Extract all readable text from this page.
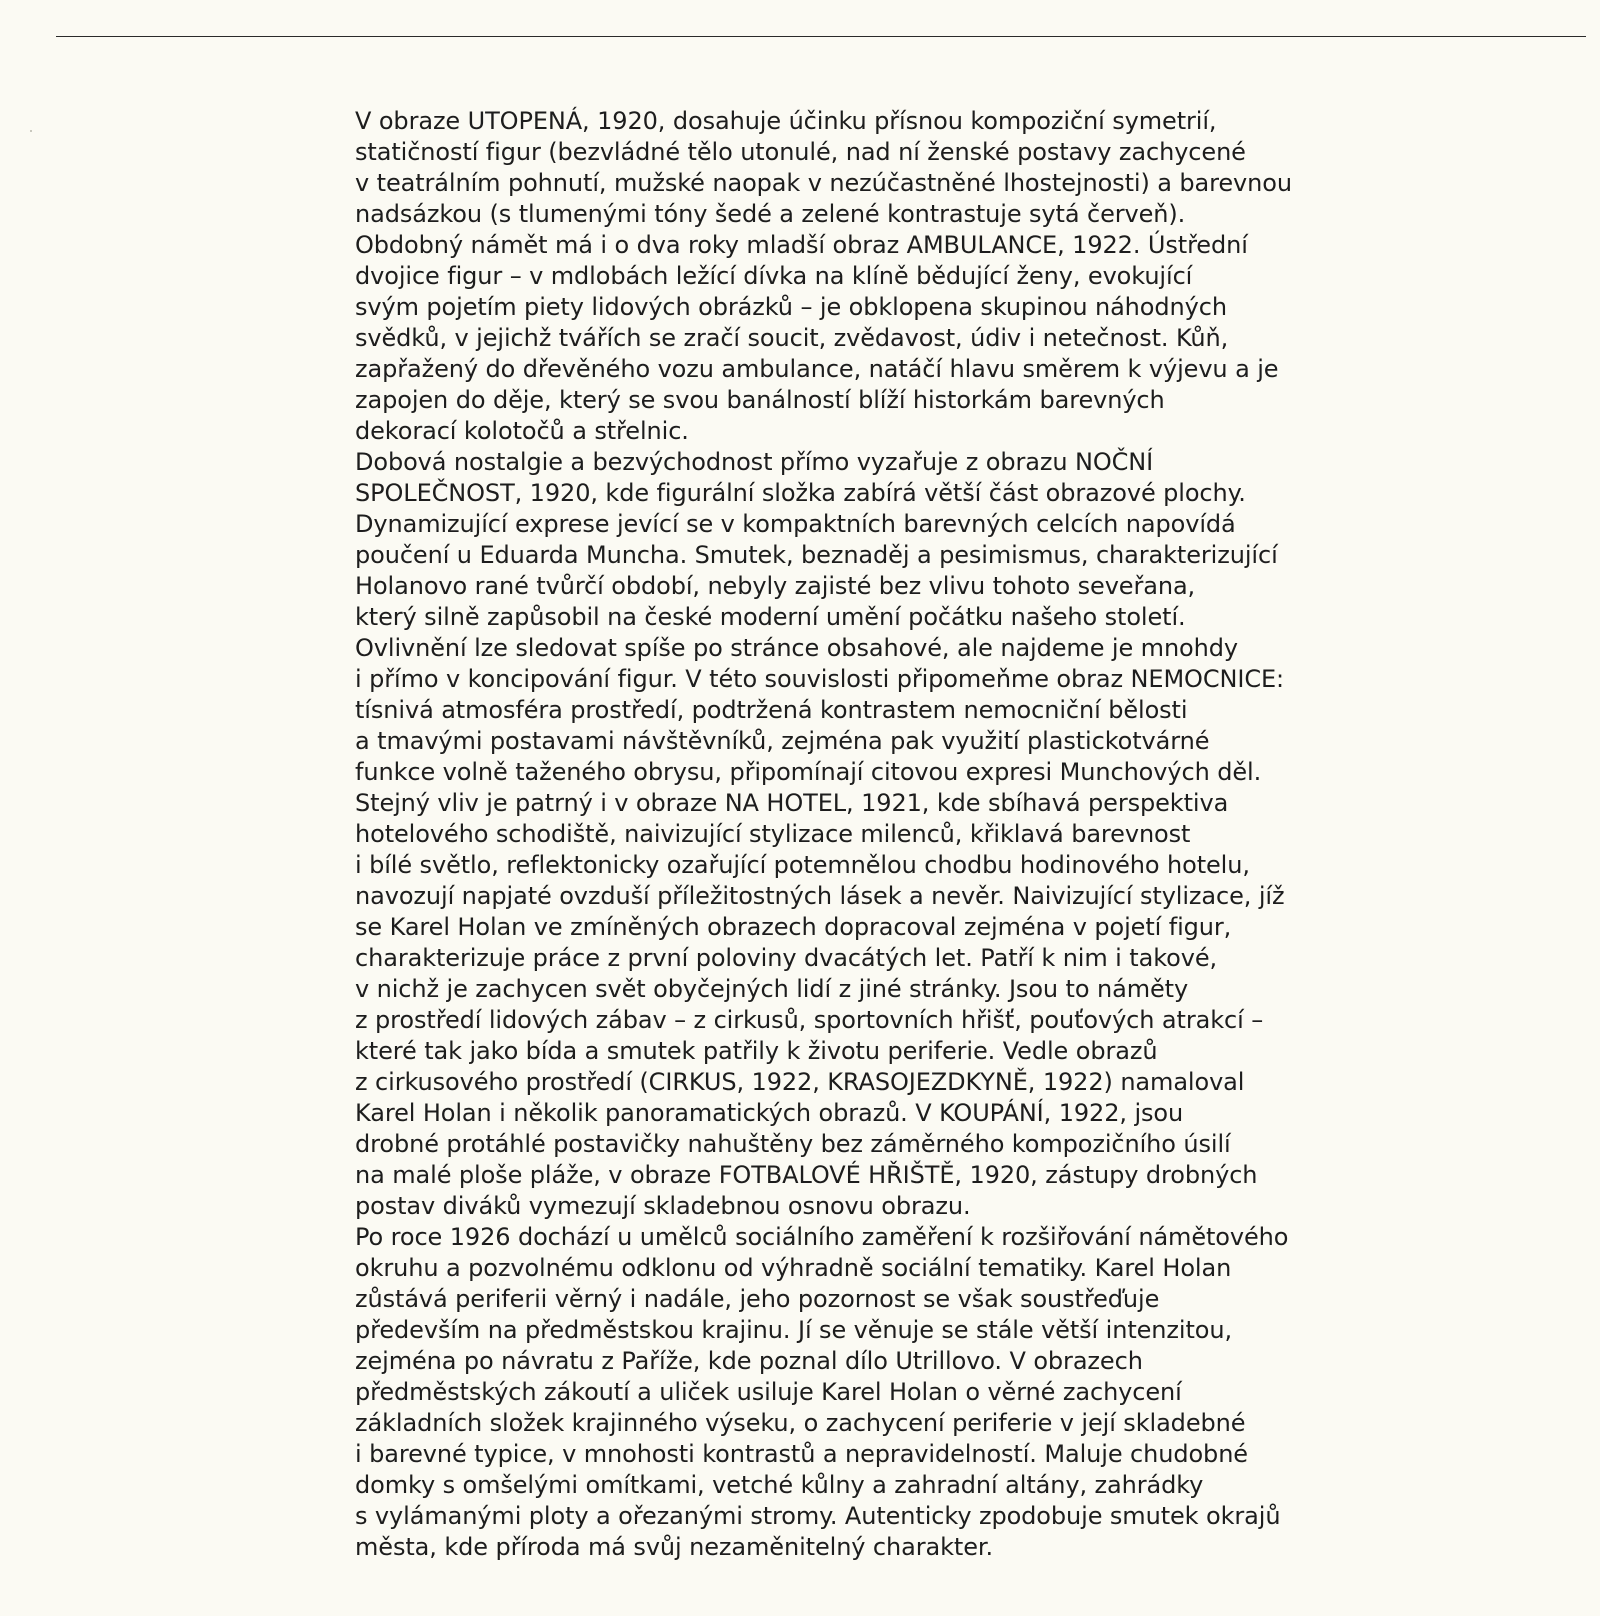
V obraze UTOPENÁ, 1920, dosahuje účinku přísnou kompoziční symetrií,
statičností figur (bezvládné tělo utonulé, nad ní ženské postavy zachycené
v teatrálním pohnutí, mužské naopak v nezúčastněné lhostejnosti) a barevnou
nadsázkou (s tlumenými tóny šedé a zelené kontrastuje sytá červeň).
Obdobný námět má i o dva roky mladší obraz AMBULANCE, 1922. Ústřední
dvojice figur – v mdlobách ležící dívka na klíně bědující ženy, evokující
svým pojetím piety lidových obrázků – je obklopena skupinou náhodných
svědků, v jejichž tvářích se zračí soucit, zvědavost, údiv i netečnost. Kůň,
zapřažený do dřevěného vozu ambulance, natáčí hlavu směrem k výjevu a je
zapojen do děje, který se svou banálností blíží historkám barevných
dekorací kolotočů a střelnic.
Dobová nostalgie a bezvýchodnost přímo vyzařuje z obrazu NOČNÍ
SPOLEČNOST, 1920, kde figurální složka zabírá větší část obrazové plochy.
Dynamizující exprese jevící se v kompaktních barevných celcích napovídá
poučení u Eduarda Muncha. Smutek, beznaděj a pesimismus, charakterizující
Holanovo rané tvůrčí období, nebyly zajisté bez vlivu tohoto seveřana,
který silně zapůsobil na české moderní umění počátku našeho století.
Ovlivnění lze sledovat spíše po stránce obsahové, ale najdeme je mnohdy
i přímo v koncipování figur. V této souvislosti připomeňme obraz NEMOCNICE:
tísnivá atmosféra prostředí, podtržená kontrastem nemocniční bělosti
a tmavými postavami návštěvníků, zejména pak využití plastickotvárné
funkce volně taženého obrysu, připomínají citovou expresi Munchových děl.
Stejný vliv je patrný i v obraze NA HOTEL, 1921, kde sbíhavá perspektiva
hotelového schodiště, naivizující stylizace milenců, křiklavá barevnost
i bílé světlo, reflektonicky ozařující potemnělou chodbu hodinového hotelu,
navozují napjaté ovzduší příležitostných lásek a nevěr. Naivizující stylizace, jíž
se Karel Holan ve zmíněných obrazech dopracoval zejména v pojetí figur,
charakterizuje práce z první poloviny dvacátých let. Patří k nim i takové,
v nichž je zachycen svět obyčejných lidí z jiné stránky. Jsou to náměty
z prostředí lidových zábav – z cirkusů, sportovních hřišť, pouťových atrakcí –
které tak jako bída a smutek patřily k životu periferie. Vedle obrazů
z cirkusového prostředí (CIRKUS, 1922, KRASOJEZDKYNĚ, 1922) namaloval
Karel Holan i několik panoramatických obrazů. V KOUPÁNÍ, 1922, jsou
drobné protáhlé postavičky nahuštěny bez záměrného kompozičního úsilí
na malé ploše pláže, v obraze FOTBALOVÉ HŘIŠTĚ, 1920, zástupy drobných
postav diváků vymezují skladebnou osnovu obrazu.
Po roce 1926 dochází u umělců sociálního zaměření k rozšiřování námětového
okruhu a pozvolnému odklonu od výhradně sociální tematiky. Karel Holan
zůstává periferii věrný i nadále, jeho pozornost se však soustřeďuje
především na předměstskou krajinu. Jí se věnuje se stále větší intenzitou,
zejména po návratu z Paříže, kde poznal dílo Utrillovo. V obrazech
předměstských zákoutí a uliček usiluje Karel Holan o věrné zachycení
základních složek krajinného výseku, o zachycení periferie v její skladebné
i barevné typice, v mnohosti kontrastů a nepravidelností. Maluje chudobné
domky s omšelými omítkami, vetché kůlny a zahradní altány, zahrádky
s vylámanými ploty a ořezanými stromy. Autenticky zpodobuje smutek okrajů
města, kde příroda má svůj nezaměnitelný charakter.
